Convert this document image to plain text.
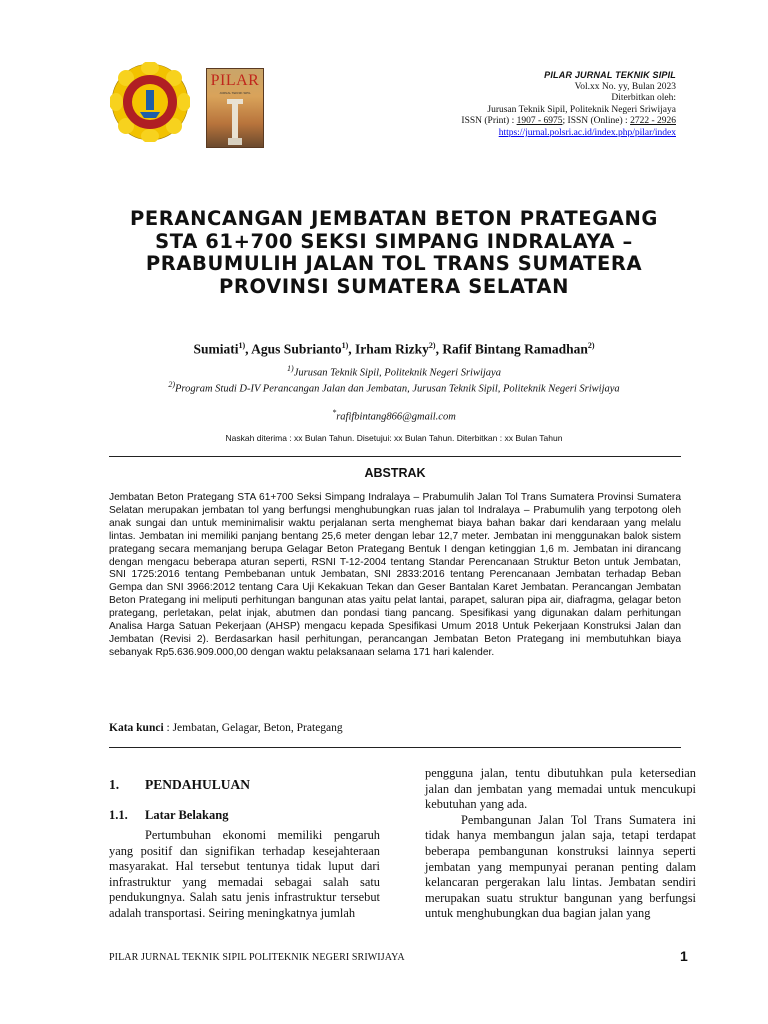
PILAR
JURNAL TEKNIK SIPIL
PILAR JURNAL TEKNIK SIPIL
Vol.xx No. yy, Bulan 2023
Diterbitkan oleh:
Jurusan Teknik Sipil, Politeknik Negeri Sriwijaya
ISSN (Print) : 1907 - 6975; ISSN (Online) : 2722 - 2926
https://jurnal.polsri.ac.id/index.php/pilar/index
PERANCANGAN JEMBATAN BETON PRATEGANG STA 61+700 SEKSI SIMPANG INDRALAYA – PRABUMULIH JALAN TOL TRANS SUMATERA PROVINSI SUMATERA SELATAN
Sumiati$^{1)}$, Agus Subrianto$^{1)}$, Irham Rizky$^{2)}$, Rafif Bintang Ramadhan$^{2)}$
$^{1)}$Jurusan Teknik Sipil, Politeknik Negeri Sriwijaya
$^{2)}$Program Studi D-IV Perancangan Jalan dan Jembatan, Jurusan Teknik Sipil, Politeknik Negeri Sriwijaya
*rafifbintang866@gmail.com
Naskah diterima : xx Bulan Tahun. Disetujui: xx Bulan Tahun. Diterbitkan : xx Bulan Tahun
ABSTRAK
Jembatan Beton Prategang STA 61+700 Seksi Simpang Indralaya – Prabumulih Jalan Tol Trans Sumatera Provinsi Sumatera Selatan merupakan jembatan tol yang berfungsi menghubungkan ruas jalan tol Indralaya – Prabumulih yang terpotong oleh anak sungai dan untuk meminimalisir waktu perjalanan serta menghemat biaya bahan bakar dari kendaraan yang melalu lintas. Jembatan ini memiliki panjang bentang 25,6 meter dengan lebar 12,7 meter. Jembatan ini menggunakan balok sistem prategang secara memanjang berupa Gelagar Beton Prategang Bentuk I dengan ketinggian 1,6 m. Jembatan ini dirancang dengan mengacu beberapa aturan seperti, RSNI T-12-2004 tentang Standar Perencanaan Struktur Beton untuk Jembatan, SNI 1725:2016 tentang Pembebanan untuk Jembatan, SNI 2833:2016 tentang Perencanaan Jembatan terhadap Beban Gempa dan SNI 3966:2012 tentang Cara Uji Kekakuan Tekan dan Geser Bantalan Karet Jembatan. Perancangan Jembatan Beton Prategang ini meliputi perhitungan bangunan atas yaitu pelat lantai, parapet, saluran pipa air, diafragma, gelagar beton prategang, perletakan, pelat injak, abutmen dan pondasi tiang pancang. Spesifikasi yang digunakan dalam perhitungan Analisa Harga Satuan Pekerjaan (AHSP) mengacu kepada Spesifikasi Umum 2018 Untuk Pekerjaan Konstruksi Jalan dan Jembatan (Revisi 2). Berdasarkan hasil perhitungan, perancangan Jembatan Beton Prategang ini membutuhkan biaya sebanyak Rp5.636.909.000,00 dengan waktu pelaksanaan selama 171 hari kalender.
Kata kunci : Jembatan, Gelagar, Beton, Prategang
1. PENDAHULUAN
1.1. Latar Belakang

Pertumbuhan ekonomi memiliki pengaruh yang positif dan signifikan terhadap kesejahteraan masyarakat. Hal tersebut tentunya tidak luput dari infrastruktur yang memadai sebagai salah satu pendukungnya. Salah satu jenis infrastruktur tersebut adalah transportasi. Seiring meningkatnya jumlah

pengguna jalan, tentu dibutuhkan pula ketersedian jalan dan jembatan yang memadai untuk mencukupi kebutuhan yang ada.

Pembangunan Jalan Tol Trans Sumatera ini tidak hanya membangun jalan saja, tetapi terdapat beberapa pembangunan konstruksi lainnya seperti jembatan yang mempunyai peranan penting dalam kelancaran pergerakan lalu lintas. Jembatan sendiri merupakan suatu struktur bangunan yang berfungsi untuk menghubungkan dua bagian jalan yang

PILAR JURNAL TEKNIK SIPIL POLITEKNIK NEGERI SRIWIJAYA	1
